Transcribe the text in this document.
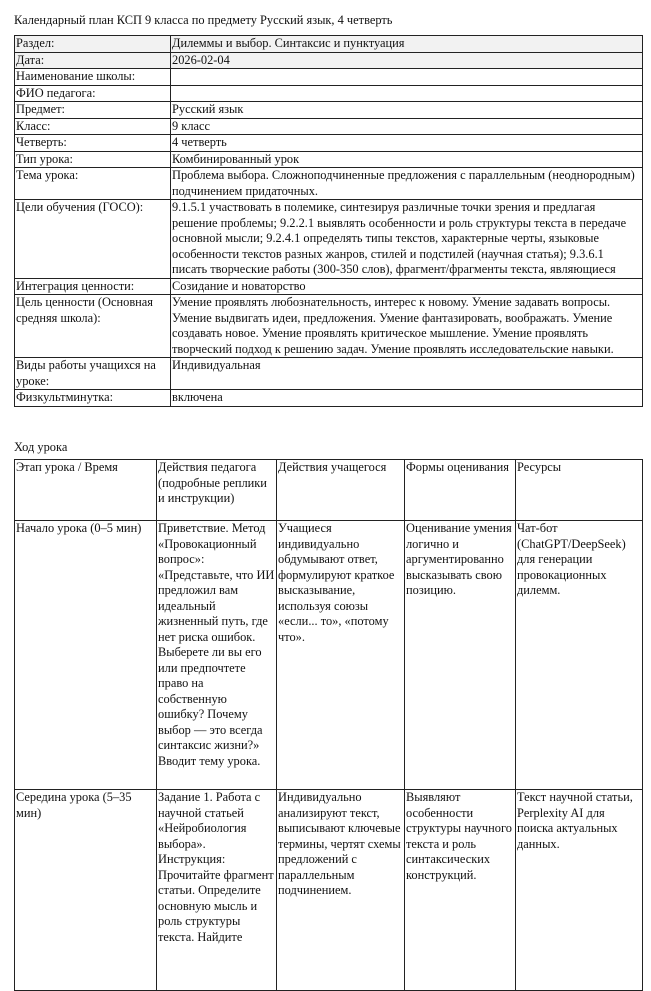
Календарный план КСП 9 класса по предмету Русский язык, 4 четверть
Раздел:	Дилеммы и выбор. Синтаксис и пунктуация
Дата:	2026-02-04
Наименование школы:	
ФИО педагога:	
Предмет:	Русский язык
Класс:	9 класс
Четверть:	4 четверть
Тип урока:	Комбинированный урок
Тема урока:	Проблема выбора. Сложноподчиненные предложения с параллельным (неоднородным) подчинением придаточных.
Цели обучения (ГОСО):	9.1.5.1 участвовать в полемике, синтезируя различные точки зрения и предлагая решение проблемы; 9.2.2.1 выявлять особенности и роль структуры текста в передаче основной мысли; 9.2.4.1 определять типы текстов, характерные черты, языковые особенности текстов разных жанров, стилей и подстилей (научная статья); 9.3.6.1 писать творческие работы (300-350 слов), фрагмент/фрагменты текста, являющиеся
Интеграция ценности:	Созидание и новаторство
Цель ценности (Основная средняя школа):	Умение проявлять любознательность, интерес к новому. Умение задавать вопросы. Умение выдвигать идеи, предложения. Умение фантазировать, воображать. Умение создавать новое. Умение проявлять критическое мышление. Умение проявлять творческий подход к решению задач. Умение проявлять исследовательские навыки.
Виды работы учащихся на уроке:	Индивидуальная
Физкультминутка:	включена
Ход урока
Этап урока / Время	Действия педагога (подробные реплики и инструкции)	Действия учащегося	Формы оценивания	Ресурсы
Начало урока (0–5 мин)	Приветствие. Метод «Провокационный вопрос»: «Представьте, что ИИ предложил вам идеальный жизненный путь, где нет риска ошибок. Выберете ли вы его или предпочтете право на собственную ошибку? Почему выбор — это всегда синтаксис жизни?» Вводит тему урока.	Учащиеся индивидуально обдумывают ответ, формулируют краткое высказывание, используя союзы «если... то», «потому что».	Оценивание умения логично и аргументированно высказывать свою позицию.	Чат-бот (ChatGPT/DeepSeek) для генерации провокационных дилемм.
Середина урока (5–35 мин)	Задание 1. Работа с научной статьей «Нейробиология выбора». Инструкция: Прочитайте фрагмент статьи. Определите основную мысль и роль структуры текста. Найдите	Индивидуально анализируют текст, выписывают ключевые термины, чертят схемы предложений с параллельным подчинением.	Выявляют особенности структуры научного текста и роль синтаксических конструкций.	Текст научной статьи, Perplexity AI для поиска актуальных данных.
